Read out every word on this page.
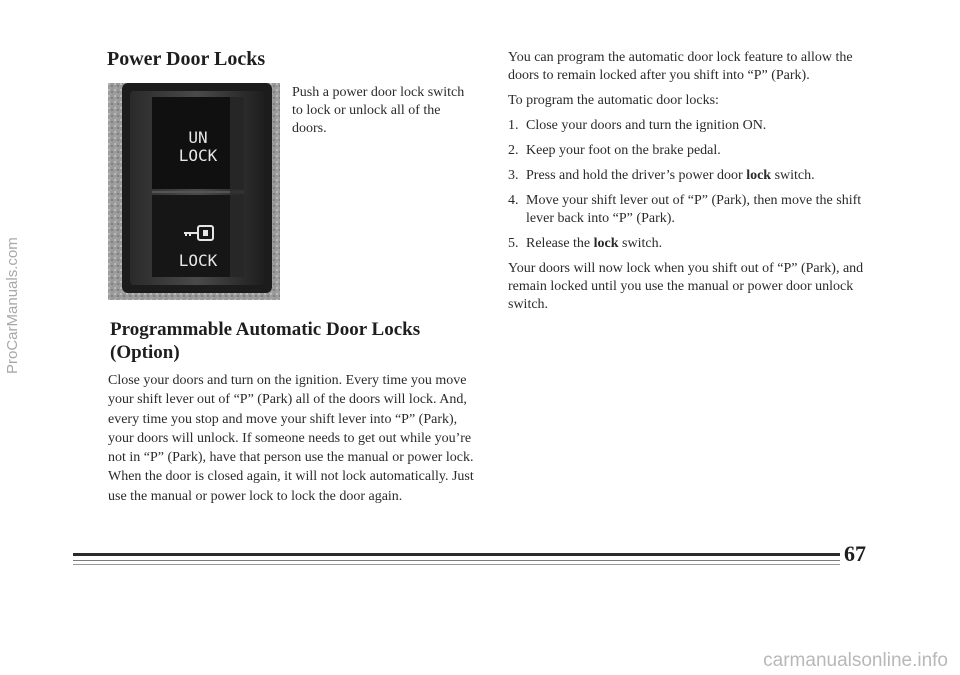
Power Door Locks
UN
LOCK
LOCK
Push a power door lock switch to lock or unlock all of the doors.
Programmable Automatic Door Locks
(Option)
Close your doors and turn on the ignition. Every time you move your shift lever out of “P” (Park) all of the doors will lock. And, every time you stop and move your shift lever into “P” (Park), your doors will unlock. If someone needs to get out while you’re not in “P” (Park), have that person use the manual or power lock. When the door is closed again, it will not lock automatically. Just use the manual or power lock to lock the door again.

You can program the automatic door lock feature to allow the doors to remain locked after you shift into “P” (Park).

To program the automatic door locks:

1. Close your doors and turn the ignition ON.
2. Keep your foot on the brake pedal.
3. Press and hold the driver’s power door lock switch.
4. Move your shift lever out of “P” (Park), then move the shift lever back into “P” (Park).
5. Release the lock switch.

Your doors will now lock when you shift out of “P” (Park), and remain locked until you use the manual or power door unlock switch.

67
ProCarManuals.com
carmanualsonline.info
